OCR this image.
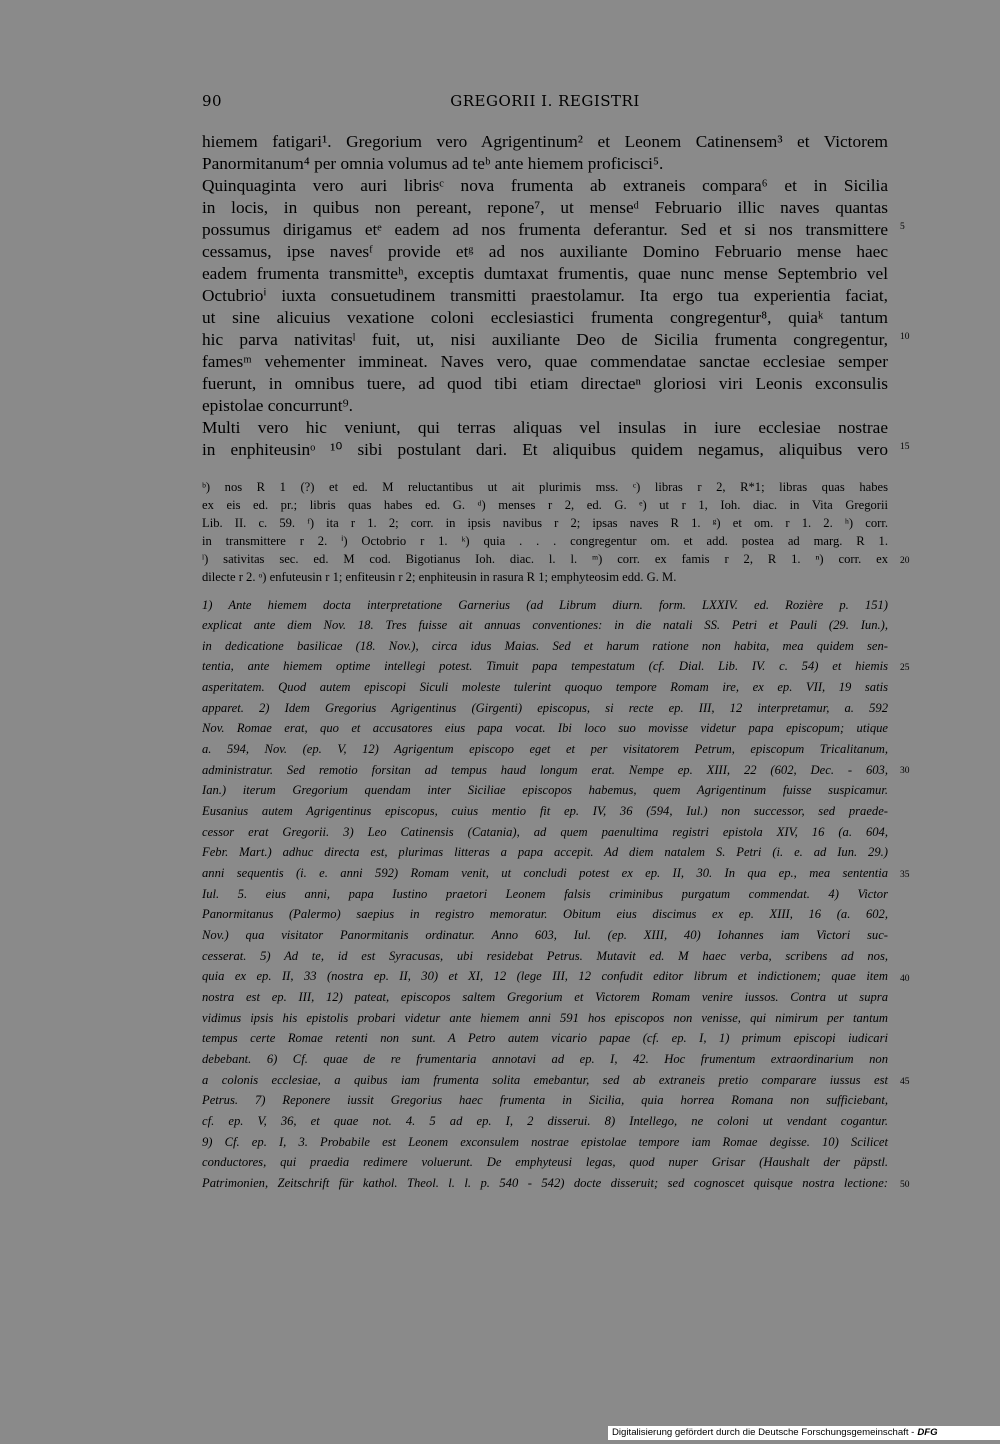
90	GREGORII I. REGISTRI
hiemem fatigari¹. Gregorium vero Agrigentinum² et Leonem Catinensem³ et Victorem
Panormitanum⁴ per omnia volumus ad teᵇ ante hiemem proficisci⁵.
Quinquaginta vero auri librisᶜ nova frumenta ab extraneis compara⁶ et in Sicilia
in locis, in quibus non pereant, repone⁷, ut menseᵈ Februario illic naves quantas
possumus dirigamus etᵉ eadem ad nos frumenta deferantur. Sed et si nos transmittere
cessamus, ipse navesᶠ provide etᵍ ad nos auxiliante Domino Februario mense haec
eadem frumenta transmitteʰ, exceptis dumtaxat frumentis, quae nunc mense Septembrio vel
Octubrioⁱ iuxta consuetudinem transmitti praestolamur. Ita ergo tua experientia faciat,
ut sine alicuius vexatione coloni ecclesiastici frumenta congregentur⁸, quiaᵏ tantum
hic parva nativitasˡ fuit, ut, nisi auxiliante Deo de Sicilia frumenta congregentur,
famesᵐ vehementer immineat. Naves vero, quae commendatae sanctae ecclesiae semper
fuerunt, in omnibus tuere, ad quod tibi etiam directaeⁿ gloriosi viri Leonis exconsulis
epistolae concurrunt⁹.
Multi vero hic veniunt, qui terras aliquas vel insulas in iure ecclesiae nostrae
in enphiteusinᵒ ¹⁰ sibi postulant dari. Et aliquibus quidem negamus, aliquibus vero
ᵇ) nos R 1 (?) et ed. M reluctantibus ut ait plurimis mss. ᶜ) libras r 2, R*1; libras quas habes
ex eis ed. pr.; libris quas habes ed. G. ᵈ) menses r 2, ed. G. ᵉ) ut r 1, Ioh. diac. in Vita Gregorii
Lib. II. c. 59. ᶠ) ita r 1. 2; corr. in ipsis navibus r 2; ipsas naves R 1. ᵍ) et om. r 1. 2. ʰ) corr.
in transmittere r 2. ⁱ) Octobrio r 1. ᵏ) quia . . . congregentur om. et add. postea ad marg. R 1.
ˡ) sativitas sec. ed. M cod. Bigotianus Ioh. diac. l. l. ᵐ) corr. ex famis r 2, R 1. ⁿ) corr. ex
dilecte r 2. ᵒ) enfuteusin r 1; enfiteusin r 2; enphiteusin in rasura R 1; emphyteosim edd. G. M.
1) Ante hiemem docta interpretatione Garnerius (ad Librum diurn. form. LXXIV. ed. Rozière p. 151)
explicat ante diem Nov. 18. Tres fuisse ait annuas conventiones: in die natali SS. Petri et Pauli (29. Iun.),
in dedicatione basilicae (18. Nov.), circa idus Maias. Sed et harum ratione non habita, mea quidem sen-
tentia, ante hiemem optime intellegi potest. Timuit papa tempestatum (cf. Dial. Lib. IV. c. 54) et hiemis
asperitatem. Quod autem episcopi Siculi moleste tulerint quoquo tempore Romam ire, ex ep. VII, 19 satis
apparet. 2) Idem Gregorius Agrigentinus (Girgenti) episcopus, si recte ep. III, 12 interpretamur, a. 592
Nov. Romae erat, quo et accusatores eius papa vocat. Ibi loco suo movisse videtur papa episcopum; utique
a. 594, Nov. (ep. V, 12) Agrigentum episcopo eget et per visitatorem Petrum, episcopum Tricalitanum,
administratur. Sed remotio forsitan ad tempus haud longum erat. Nempe ep. XIII, 22 (602, Dec. - 603,
Ian.) iterum Gregorium quendam inter Siciliae episcopos habemus, quem Agrigentinum fuisse suspicamur.
Eusanius autem Agrigentinus episcopus, cuius mentio fit ep. IV, 36 (594, Iul.) non successor, sed praede-
cessor erat Gregorii. 3) Leo Catinensis (Catania), ad quem paenultima registri epistola XIV, 16 (a. 604,
Febr. Mart.) adhuc directa est, plurimas litteras a papa accepit. Ad diem natalem S. Petri (i. e. ad Iun. 29.)
anni sequentis (i. e. anni 592) Romam venit, ut concludi potest ex ep. II, 30. In qua ep., mea sententia
Iul. 5. eius anni, papa Iustino praetori Leonem falsis criminibus purgatum commendat. 4) Victor
Panormitanus (Palermo) saepius in registro memoratur. Obitum eius discimus ex ep. XIII, 16 (a. 602,
Nov.) qua visitator Panormitanis ordinatur. Anno 603, Iul. (ep. XIII, 40) Iohannes iam Victori suc-
cesserat. 5) Ad te, id est Syracusas, ubi residebat Petrus. Mutavit ed. M haec verba, scribens ad nos,
quia ex ep. II, 33 (nostra ep. II, 30) et XI, 12 (lege III, 12 confudit editor librum et indictionem; quae item
nostra est ep. III, 12) pateat, episcopos saltem Gregorium et Victorem Romam venire iussos. Contra ut supra
vidimus ipsis his epistolis probari videtur ante hiemem anni 591 hos episcopos non venisse, qui nimirum per tantum
tempus certe Romae retenti non sunt. A Petro autem vicario papae (cf. ep. I, 1) primum episcopi iudicari
debebant. 6) Cf. quae de re frumentaria annotavi ad ep. I, 42. Hoc frumentum extraordinarium non
a colonis ecclesiae, a quibus iam frumenta solita emebantur, sed ab extraneis pretio comparare iussus est
Petrus. 7) Reponere iussit Gregorius haec frumenta in Sicilia, quia horrea Romana non sufficiebant,
cf. ep. V, 36, et quae not. 4. 5 ad ep. I, 2 disserui. 8) Intellego, ne coloni ut vendant cogantur.
9) Cf. ep. I, 3. Probabile est Leonem exconsulem nostrae epistolae tempore iam Romae degisse. 10) Scilicet
conductores, qui praedia redimere voluerunt. De emphyteusi legas, quod nuper Grisar (Haushalt der päpstl.
Patrimonien, Zeitschrift für kathol. Theol. l. l. p. 540 - 542) docte disseruit; sed cognoscet quisque nostra lectione:
5
10
15
20
25
30
35
40
45
50
Digitalisierung gefördert durch die Deutsche Forschungsgemeinschaft - DFG
